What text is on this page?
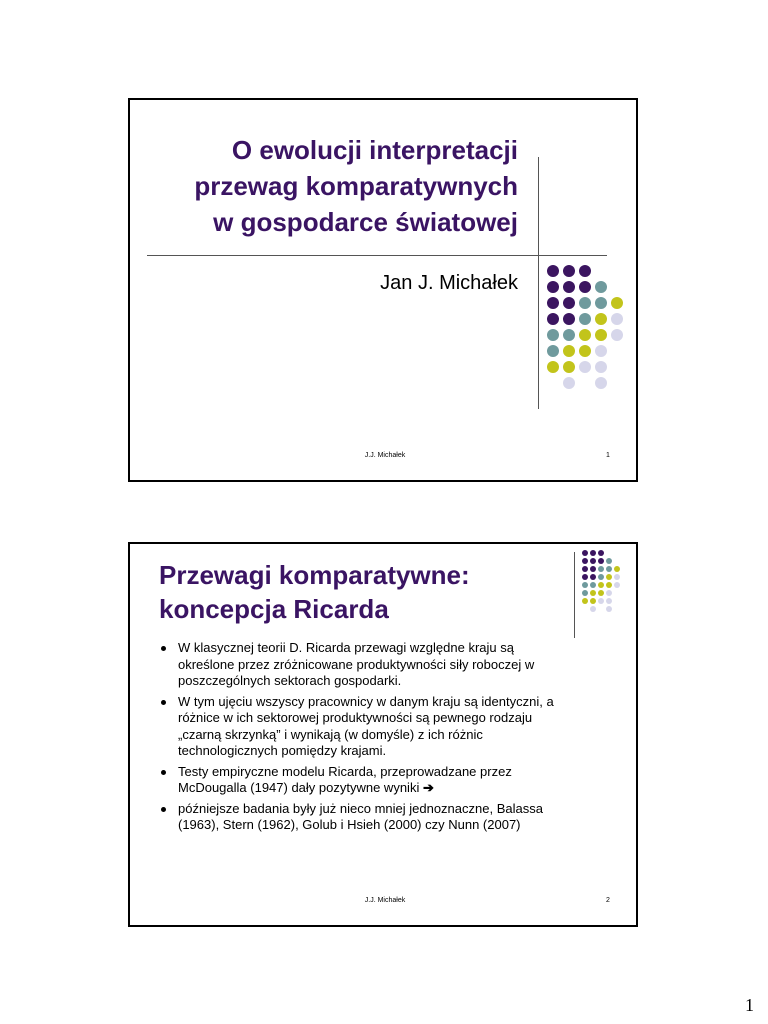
O ewolucji interpretacji
przewag komparatywnych
w gospodarce światowej
Jan J. Michałek
J.J. Michałek	1
Przewagi komparatywne:
koncepcja Ricarda
W klasycznej teorii D. Ricarda przewagi względne kraju są
określone przez zróżnicowane produktywności siły roboczej w
poszczególnych sektorach gospodarki.
W tym ujęciu wszyscy pracownicy w danym kraju są identyczni, a
różnice w ich sektorowej produktywności są pewnego rodzaju
„czarną skrzynką” i wynikają (w domyśle) z ich różnic
technologicznych pomiędzy krajami.
Testy empiryczne modelu Ricarda, przeprowadzane przez
McDougalla (1947) dały pozytywne wyniki ➔
późniejsze badania były już nieco mniej jednoznaczne, Balassa
(1963), Stern (1962), Golub i Hsieh (2000) czy Nunn (2007)
J.J. Michałek	2
1
